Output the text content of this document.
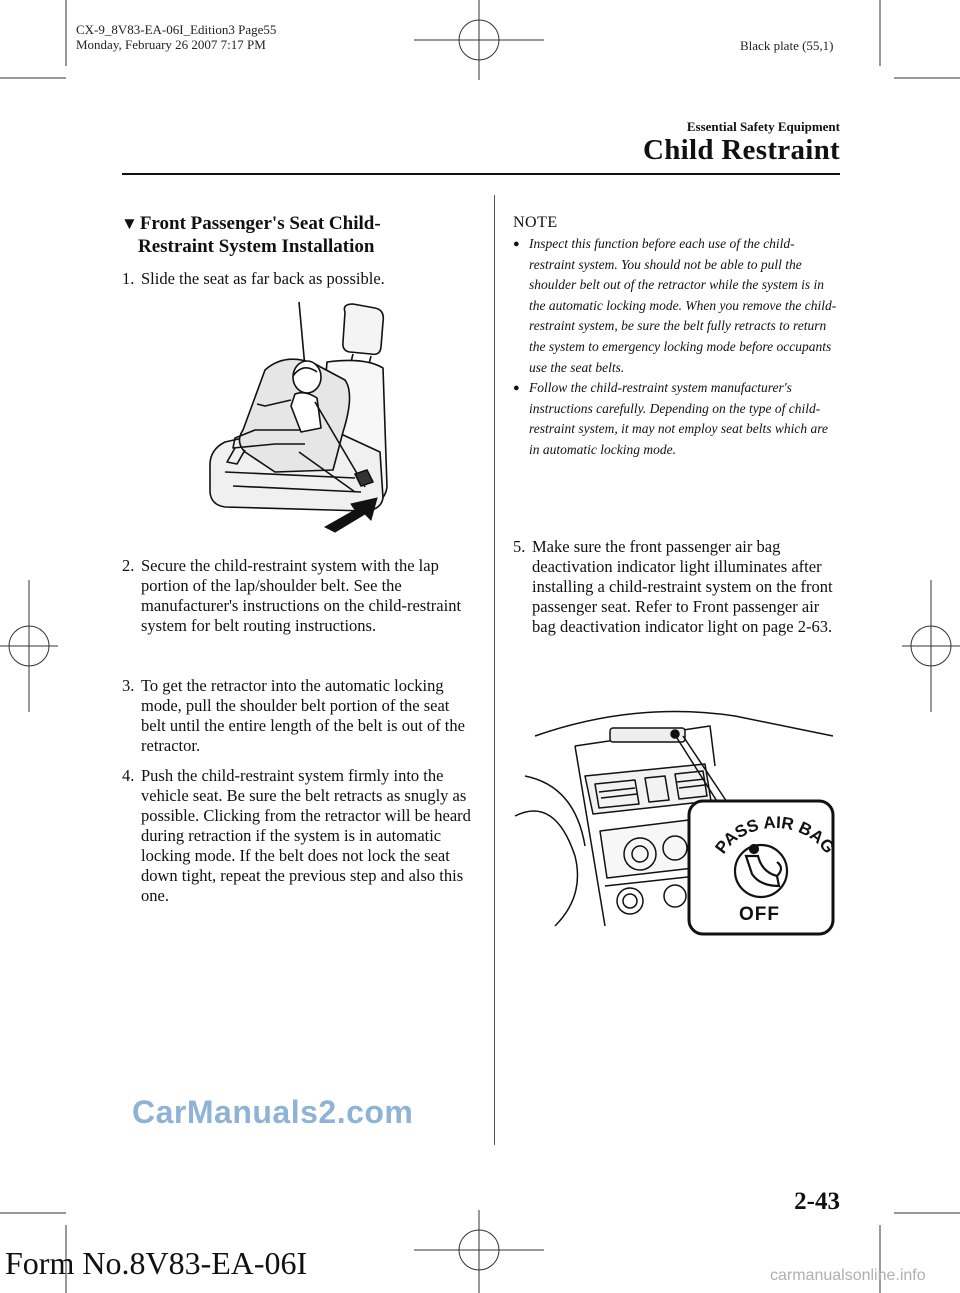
CX-9_8V83-EA-06I_Edition3 Page55
Monday, February 26 2007 7:17 PM	Black plate (55,1)
Essential Safety Equipment
Child Restraint
▼ Front Passenger's Seat Child-
Restraint System Installation
1. Slide the seat as far back as possible.
2. Secure the child-restraint system with the lap portion of the lap/shoulder belt. See the manufacturer's instructions on the child-restraint system for belt routing instructions.
3. To get the retractor into the automatic locking mode, pull the shoulder belt portion of the seat belt until the entire length of the belt is out of the retractor.
4. Push the child-restraint system firmly into the vehicle seat. Be sure the belt retracts as snugly as possible. Clicking from the retractor will be heard during retraction if the system is in automatic locking mode. If the belt does not lock the seat down tight, repeat the previous step and also this one.
NOTE
● Inspect this function before each use of the child-restraint system. You should not be able to pull the shoulder belt out of the retractor while the system is in the automatic locking mode. When you remove the child-restraint system, be sure the belt fully retracts to return the system to emergency locking mode before occupants use the seat belts.
● Follow the child-restraint system manufacturer's instructions carefully. Depending on the type of child-restraint system, it may not employ seat belts which are in automatic locking mode.
5. Make sure the front passenger air bag deactivation indicator light illuminates after installing a child-restraint system on the front passenger seat. Refer to Front passenger air bag deactivation indicator light on page 2-63.
PASS AIR BAG
OFF
CarManuals2.com
2-43
Form No.8V83-EA-06I	carmanualsonline.info
